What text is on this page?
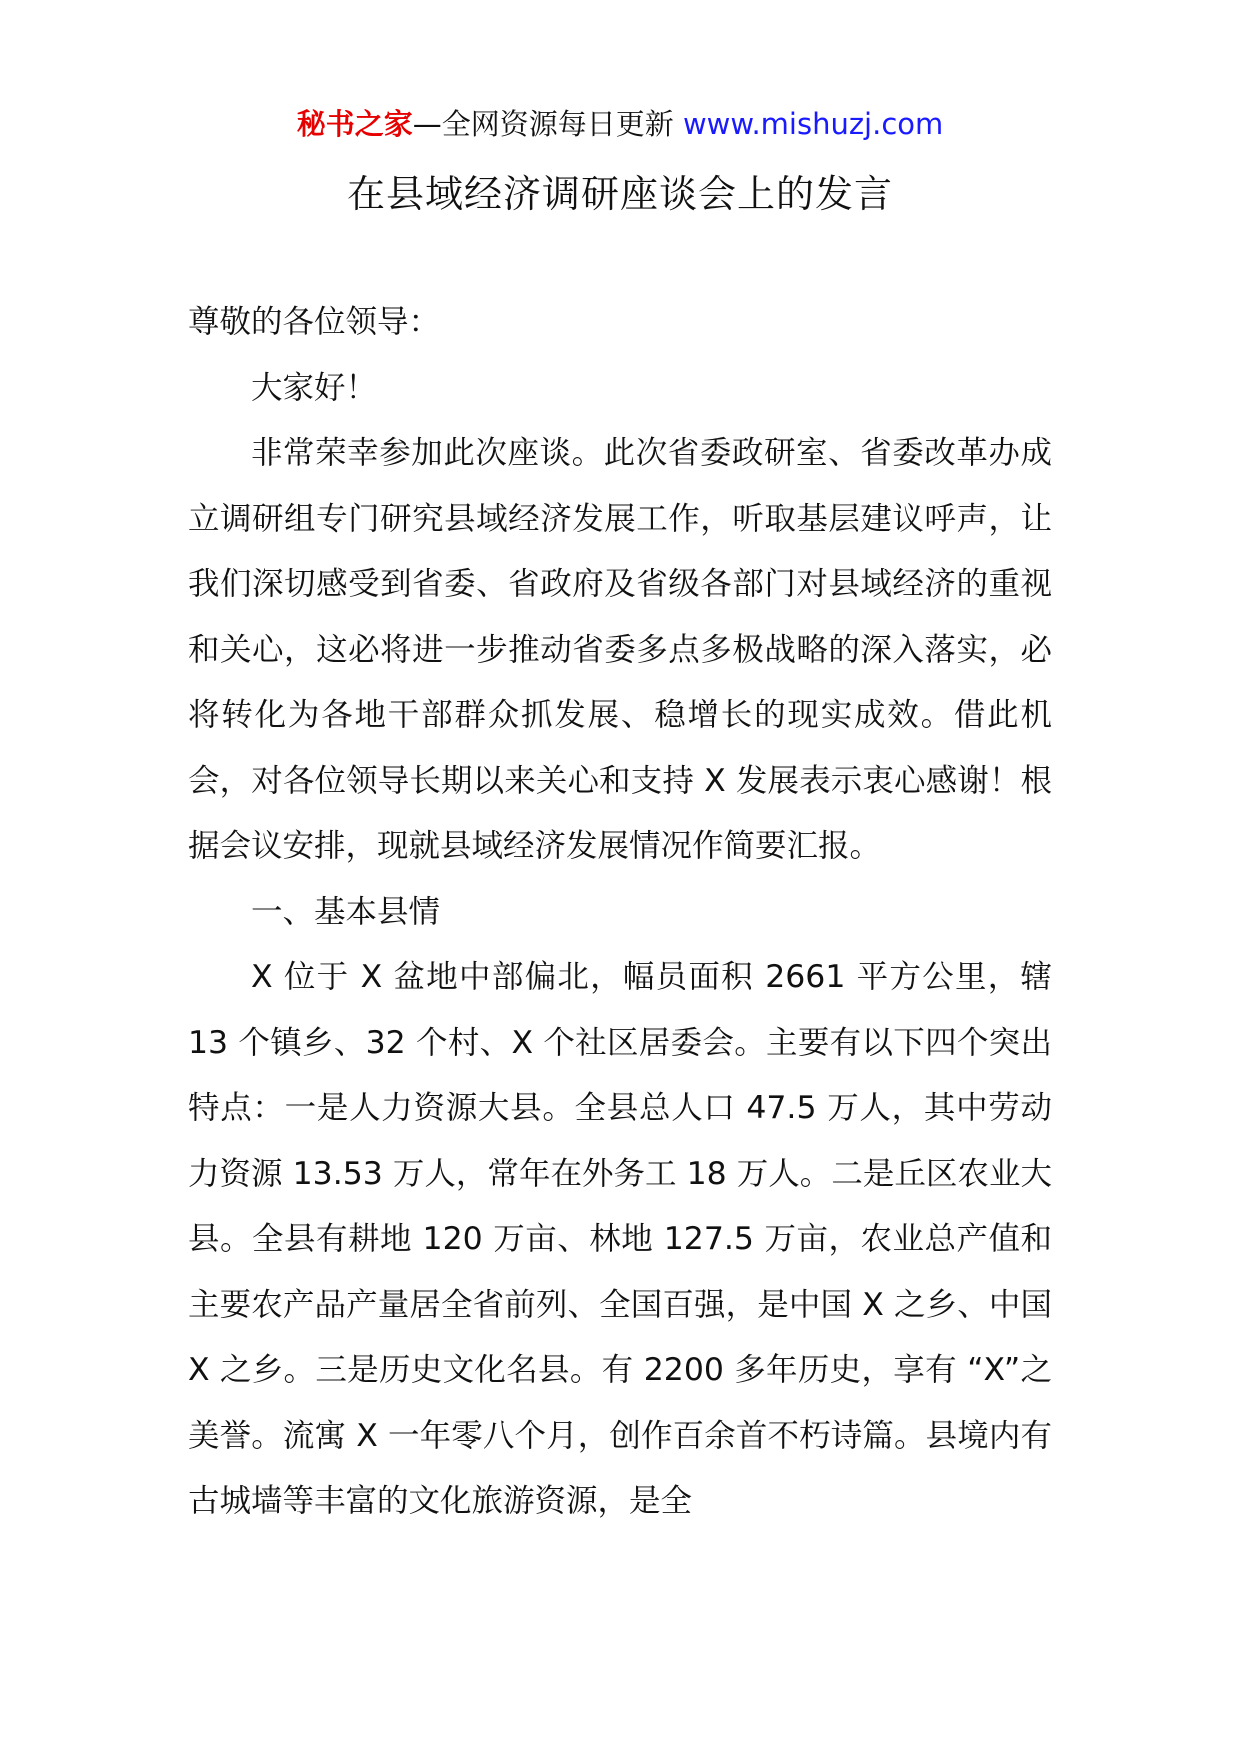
秘书之家—全网资源每日更新 www.mishuzj.com
在县域经济调研座谈会上的发言

尊敬的各位领导：

大家好！

非常荣幸参加此次座谈。此次省委政研室、省委改革办成立调研组专门研究县域经济发展工作，听取基层建议呼声，让我们深切感受到省委、省政府及省级各部门对县域经济的重视和关心，这必将进一步推动省委多点多极战略的深入落实，必将转化为各地干部群众抓发展、稳增长的现实成效。借此机会，对各位领导长期以来关心和支持 X 发展表示衷心感谢！根据会议安排，现就县域经济发展情况作简要汇报。

一、基本县情

X 位于 X 盆地中部偏北，幅员面积 2661 平方公里，辖 13 个镇乡、32 个村、X 个社区居委会。主要有以下四个突出特点：一是人力资源大县。全县总人口 47.5 万人，其中劳动力资源 13.53 万人，常年在外务工 18 万人。二是丘区农业大县。全县有耕地 120 万亩、林地 127.5 万亩，农业总产值和主要农产品产量居全省前列、全国百强，是中国 X 之乡、中国 X 之乡。三是历史文化名县。有 2200 多年历史，享有 “X”之美誉。流寓 X 一年零八个月，创作百余首不朽诗篇。县境内有古城墙等丰富的文化旅游资源，是全
